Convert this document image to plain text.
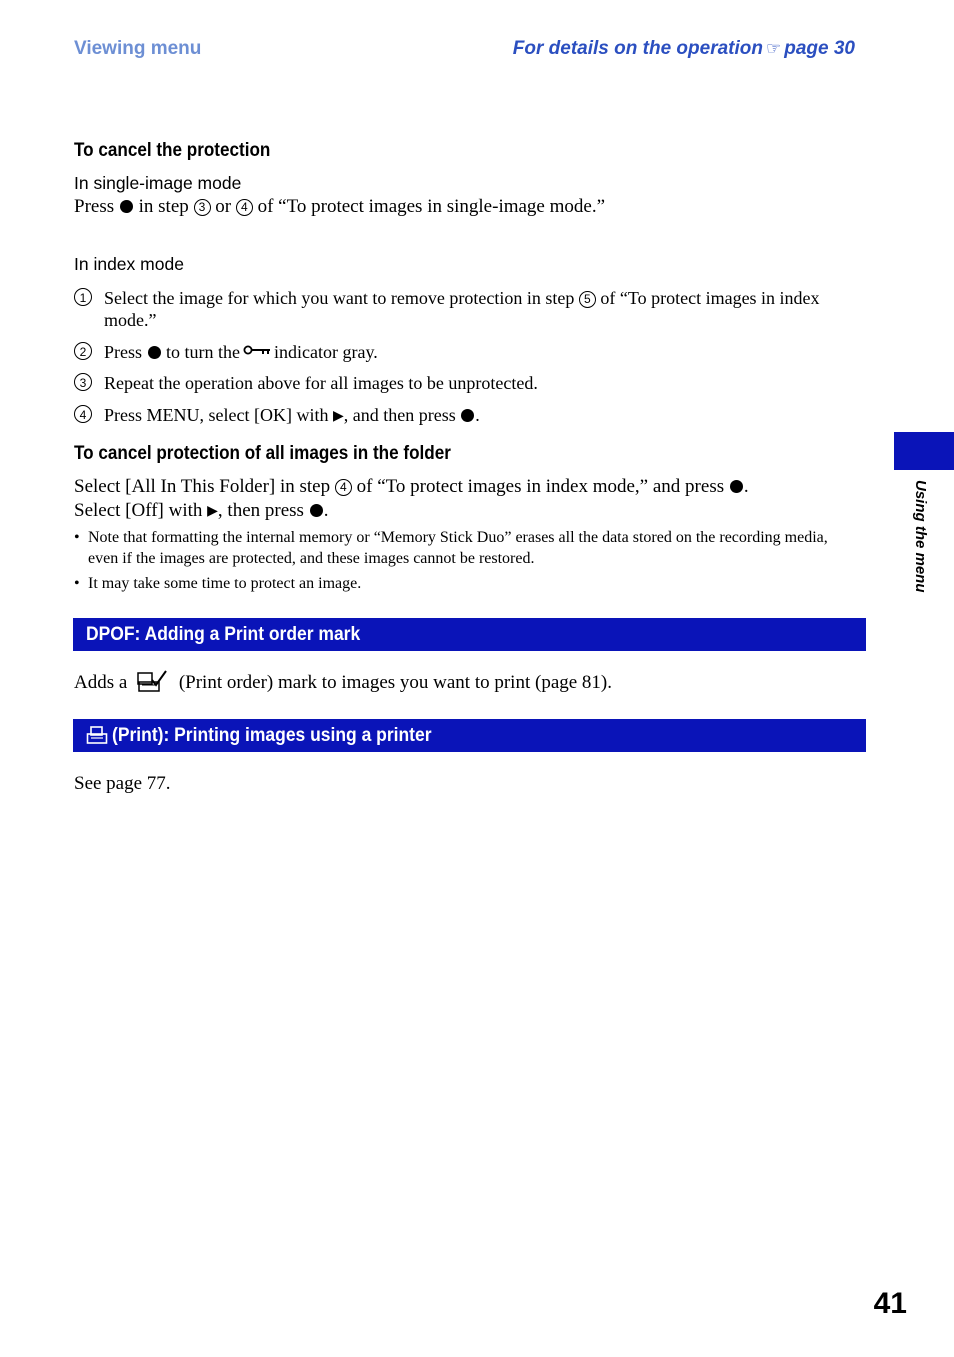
Viewing menu	For details on the operation ☞ page 30
To cancel the protection
In single-image mode
Press in step 3 or 4 of “To protect images in single-image mode.”
In index mode
1 Select the image for which you want to remove protection in step 5 of “To protect images in index mode.”
2 Press to turn the indicator gray.
3 Repeat the operation above for all images to be unprotected.
4 Press MENU, select [OK] with ▶, and then press .
To cancel protection of all images in the folder
Select [All In This Folder] in step 4 of “To protect images in index mode,” and press .
Select [Off] with ▶, then press .
• Note that formatting the internal memory or “Memory Stick Duo” erases all the data stored on the recording media, even if the images are protected, and these images cannot be restored.
• It may take some time to protect an image.
DPOF: Adding a Print order mark
Adds a	(Print order) mark to images you want to print (page 81).
(Print): Printing images using a printer
See page 77.
Using the menu
41
